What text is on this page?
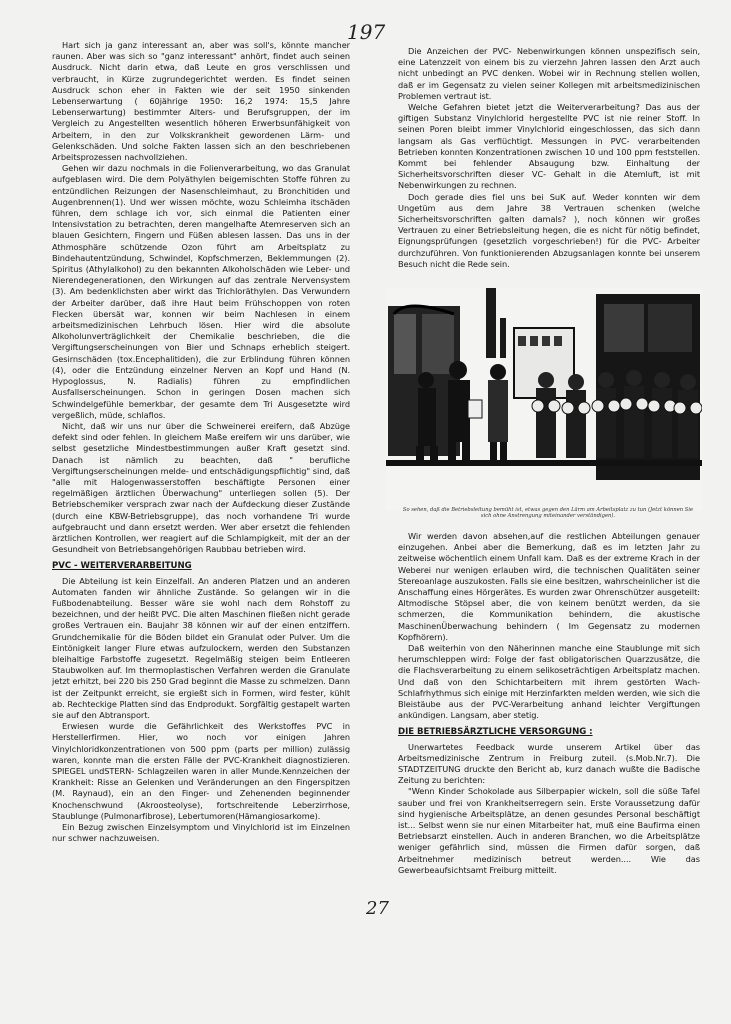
197

Hart sich ja ganz interessant an, aber was soll's, könnte mancher raunen. Aber was sich so "ganz interessant" anhört, findet auch seinen Ausdruck. Nicht darin etwa, daß Leute en gros verschlissen und verbraucht, in Kürze zugrundegerichtet werden. Es findet seinen Ausdruck schon eher in Fakten wie der seit 1950 sinkenden Lebenserwartung ( 60jährige 1950: 16,2 1974: 15,5 Jahre Lebenserwartung) bestimmter Alters- und Berufsgruppen, der im Vergleich zu Angestellten wesentlich höheren Erwerbsunfähigkeit von Arbeitern, in den zur Volkskrankheit gewordenen Lärm- und Gelenkschäden. Und solche Fakten lassen sich an den beschriebenen Arbeitsprozessen nachvollziehen.

Gehen wir dazu nochmals in die Folienverarbeitung, wo das Granulat aufgeblasen wird. Die dem Polyäthylen beigemischten Stoffe führen zu entzündlichen Reizungen der Nasenschleimhaut, zu Bronchitiden und Augenbrennen(1). Und wer wissen möchte, wozu Schleimha itschäden führen, dem schlage ich vor, sich einmal die Patienten einer Intensivstation zu betrachten, deren mangelhafte Atemreserven sich an blauen Gesichtern, Fingern und Füßen ablesen lassen. Das uns in der Athmosphäre schützende Ozon führt am Arbeitsplatz zu Bindehautentzündung, Schwindel, Kopfschmerzen, Beklemmungen (2). Spiritus (Athylalkohol) zu den bekannten Alkoholschäden wie Leber- und Nierendegenerationen, den Wirkungen auf das zentrale Nervensystem (3). Am bedenklichsten aber wirkt das Trichloräthylen. Das Verwundern der Arbeiter darüber, daß ihre Haut beim Frühschoppen von roten Flecken übersät war, konnen wir beim Nachlesen in einem arbeitsmedizinischen Lehrbuch lösen. Hier wird die absolute Alkoholunverträglichkeit der Chemikalie beschrieben, die die Vergiftungserscheinungen von Bier und Schnaps erheblich steigert. Gesirnschäden (tox.Encephalitiden), die zur Erblindung führen können (4), oder die Entzündung einzelner Nerven an Kopf und Hand (N. Hypoglossus, N. Radialis) führen zu empfindlichen Ausfallserscheinungen. Schon in geringen Dosen machen sich Schwindelgefühle bemerkbar, der gesamte dem Tri Ausgesetzte wird vergeßlich, müde, schlaflos.

Nicht, daß wir uns nur über die Schweinerei ereifern, daß Abzüge defekt sind oder fehlen. In gleichem Maße ereifern wir uns darüber, wie selbst gesetzliche Mindestbestimmungen außer Kraft gesetzt sind. Danach ist nämlich zu beachten, daß " berufliche Vergiftungserscheinungen melde- und entschädigungspflichtig" sind, daß "alle mit Halogenwasserstoffen beschäftigte Personen einer regelmäßigen ärztlichen Überwachung" unterliegen sollen (5). Der Betriebschemiker versprach zwar nach der Aufdeckung dieser Zustände (durch eine KBW-Betriebsgruppe), das noch vorhandene Tri wurde aufgebraucht und dann ersetzt werden. Wer aber ersetzt die fehlenden ärztlichen Kontrollen, wer reagiert auf die Schlampigkeit, mit der an der Gesundheit von Betriebsangehörigen Raubbau betrieben wird.

PVC - WEITERVERARBEITUNG

Die Abteilung ist kein Einzelfall. An anderen Platzen und an anderen Automaten fanden wir ähnliche Zustände. So gelangen wir in die Fußbodenabteilung. Besser wäre sie wohl nach dem Rohstoff zu bezeichnen, und der heißt PVC. Die alten Maschinen fließen nicht gerade großes Vertrauen ein. Baujahr 38 können wir auf der einen entziffern. Grundchemikalie für die Böden bildet ein Granulat oder Pulver. Um die Eintönigkeit langer Flure etwas aufzulockern, werden den Substanzen bleihaltige Farbstoffe zugesetzt. Regelmäßig steigen beim Entleeren Staubwolken auf. Im thermoplastischen Verfahren werden die Granulate jetzt erhitzt, bei 220 bis 250 Grad beginnt die Masse zu schmelzen. Dann ist der Zeitpunkt erreicht, sie ergießt sich in Formen, wird fester, kühlt ab. Rechteckige Platten sind das Endprodukt. Sorgfältig gestapelt warten sie auf den Abtransport.

Erwiesen wurde die Gefährlichkeit des Werkstoffes PVC in Herstellerfirmen. Hier, wo noch vor einigen Jahren Vinylchloridkonzentrationen von 500 ppm (parts per million) zulässig waren, konnte man die ersten Fälle der PVC-Krankheit diagnostizieren. SPIEGEL undSTERN- Schlagzeilen waren in aller Munde.Kennzeichen der Krankheit: Risse an Gelenken und Veränderungen an den Fingerspitzen (M. Raynaud), ein an den Finger- und Zehenenden beginnender Knochenschwund (Akroosteolyse), fortschreitende Leberzirrhose, Staublunge (Pulmonarfibrose), Lebertumoren(Hämangiosarkome).

Ein Bezug zwischen Einzelsymptom und Vinylchlorid ist im Einzelnen nur schwer nachzuweisen.

Die Anzeichen der PVC- Nebenwirkungen können unspezifisch sein, eine Latenzzeit von einem bis zu vierzehn Jahren lassen den Arzt auch nicht unbedingt an PVC denken. Wobei wir in Rechnung stellen wollen, daß er im Gegensatz zu vielen seiner Kollegen mit arbeitsmedizinischen Problemen vertraut ist.

Welche Gefahren bietet jetzt die Weiterverarbeitung? Das aus der giftigen Substanz Vinylchlorid hergestellte PVC ist nie reiner Stoff. In seinen Poren bleibt immer Vinylchlorid eingeschlossen, das sich dann langsam als Gas verflüchtigt. Messungen in PVC- verarbeitenden Betrieben konnten Konzentrationen zwischen 10 und 100 ppm feststellen. Kommt bei fehlender Absaugung bzw. Einhaltung der Sicherheitsvorschriften dieser VC- Gehalt in die Atemluft, ist mit Nebenwirkungen zu rechnen.

Doch gerade dies fiel uns bei SuK auf. Weder konnten wir dem Ungetüm aus dem Jahre 38 Vertrauen schenken (welche Sicherheitsvorschriften galten damals? ), noch können wir großes Vertrauen zu einer Betriebsleitung hegen, die es nicht für nötig befindet, Eignungsprüfungen (gesetzlich vorgeschrieben!) für die PVC- Arbeiter durchzuführen. Von funktionierenden Abzugsanlagen konnte bei unserem Besuch nicht die Rede sein.

So sehen, daß die Betriebsleitung bemüht ist, etwas gegen den Lärm am Arbeitsplatz zu tun (Jetzt können Sie sich ohne Anstrengung miteinander verständigen).

Wir werden davon absehen,auf die restlichen Abteilungen genauer einzugehen. Anbei aber die Bemerkung, daß es im letzten Jahr zu zeitweise wöchentlich einem Unfall kam. Daß es der extreme Krach in der Weberei nur wenigen erlauben wird, die technischen Qualitäten seiner Stereoanlage auszukosten. Falls sie eine besitzen, wahrscheinlicher ist die Anschaffung eines Hörgerätes. Es wurden zwar Ohrenschützer ausgeteilt: Altmodische Stöpsel aber, die von keinem benützt werden, da sie schmerzen, die Kommunikation behindern, die akustische MaschinenÜberwachung behindern ( Im Gegensatz zu modernen Kopfhörern).

Daß weiterhin von den Näherinnen manche eine Staublunge mit sich herumschleppen wird: Folge der fast obligatorischen Quarzzusätze, die die Flachsverarbeitung zu einem selikoseträchtigen Arbeitsplatz machen. Und daß von den Schichtarbeitern mit ihrem gestörten Wach- Schlafrhythmus sich einige mit Herzinfarkten melden werden, wie sich die Bleistäube aus der PVC-Verarbeitung anhand leichter Vergiftungen ankündigen. Langsam, aber stetig.

DIE BETRIEBSÄRZTLICHE VERSORGUNG :

Unerwartetes Feedback wurde unserem Artikel über das Arbeitsmedizinische Zentrum in Freiburg zuteil. (s.Mob.Nr.7). Die STADTZEITUNG druckte den Bericht ab, kurz danach wußte die Badische Zeitung zu berichten:

"Wenn Kinder Schokolade aus Silberpapier wickeln, soll die süße Tafel sauber und frei von Krankheitserregern sein. Erste Voraussetzung dafür sind hygienische Arbeitsplätze, an denen gesundes Personal beschäftigt ist... Selbst wenn sie nur einen Mitarbeiter hat, muß eine Baufirma einen Betriebsarzt einstellen. Auch in anderen Branchen, wo die Arbeitsplätze weniger gefährlich sind, müssen die Firmen dafür sorgen, daß Arbeitnehmer medizinisch betreut werden.... Wie das Gewerbeaufsichtsamt Freiburg mitteilt.

27
